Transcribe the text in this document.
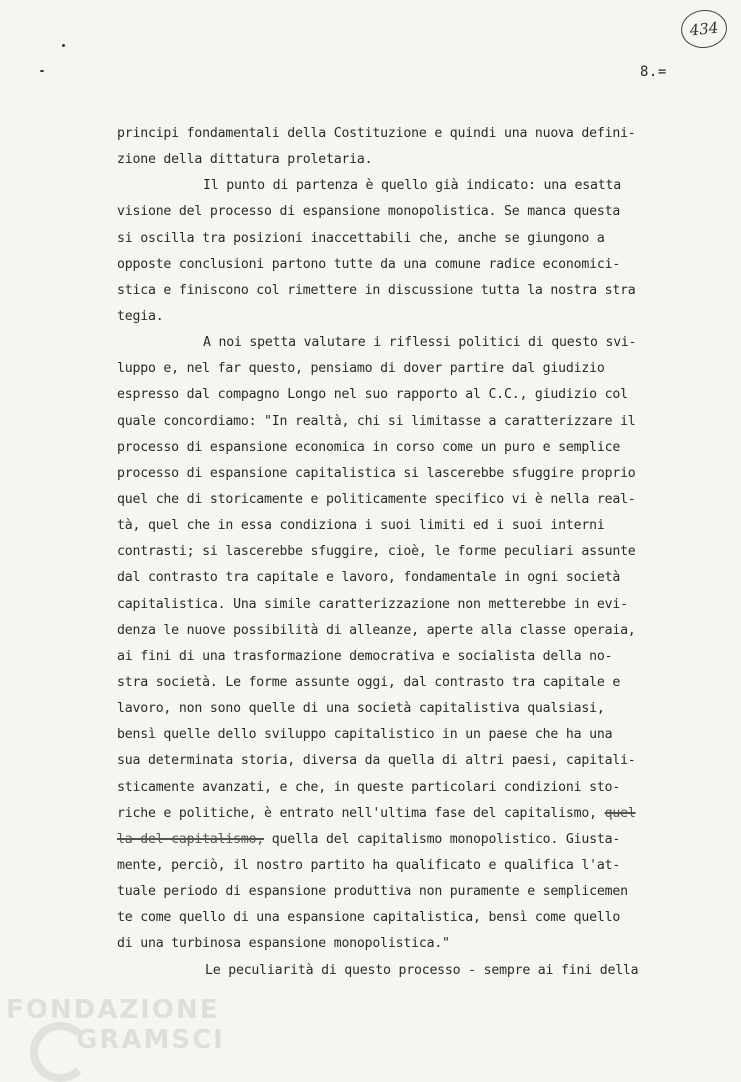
434
8.=
principi fondamentali della Costituzione e quindi una nuova defini-
zione della dittatura proletaria.
Il punto di partenza è quello già indicato: una esatta
visione del processo di espansione monopolistica. Se manca questa
si oscilla tra posizioni inaccettabili che, anche se giungono a
opposte conclusioni partono tutte da una comune radice economici-
stica e finiscono col rimettere in discussione tutta la nostra stra
tegia.
A noi spetta valutare i riflessi politici di questo svi-
luppo e, nel far questo, pensiamo di dover partire dal giudizio
espresso dal compagno Longo nel suo rapporto al C.C., giudizio col
quale concordiamo: "In realtà, chi si limitasse a caratterizzare il
processo di espansione economica in corso come un puro e semplice
processo di espansione capitalistica si lascerebbe sfuggire proprio
quel che di storicamente e politicamente specifico vi è nella real-
tà, quel che in essa condiziona i suoi limiti ed i suoi interni
contrasti; si lascerebbe sfuggire, cioè, le forme peculiari assunte
dal contrasto tra capitale e lavoro, fondamentale in ogni società
capitalistica. Una simile caratterizzazione non metterebbe in evi-
denza le nuove possibilità di alleanze, aperte alla classe operaia,
ai fini di una trasformazione democrativa e socialista della no-
stra società. Le forme assunte oggi, dal contrasto tra capitale e
lavoro, non sono quelle di una società capitalistiva qualsiasi,
bensì quelle dello sviluppo capitalistico in un paese che ha una
sua determinata storia, diversa da quella di altri paesi, capitali-
sticamente avanzati, e che, in queste particolari condizioni sto-
riche e politiche, è entrato nell'ultima fase del capitalismo, quel
la del capitalismo, quella del capitalismo monopolistico. Giusta-
mente, perciò, il nostro partito ha qualificato e qualifica l'at-
tuale periodo di espansione produttiva non puramente e semplicemen
te come quello di una espansione capitalistica, bensì come quello
di una turbinosa espansione monopolistica."
Le peculiarità di questo processo - sempre ai fini della
FONDAZIONE
GRAMSCI
